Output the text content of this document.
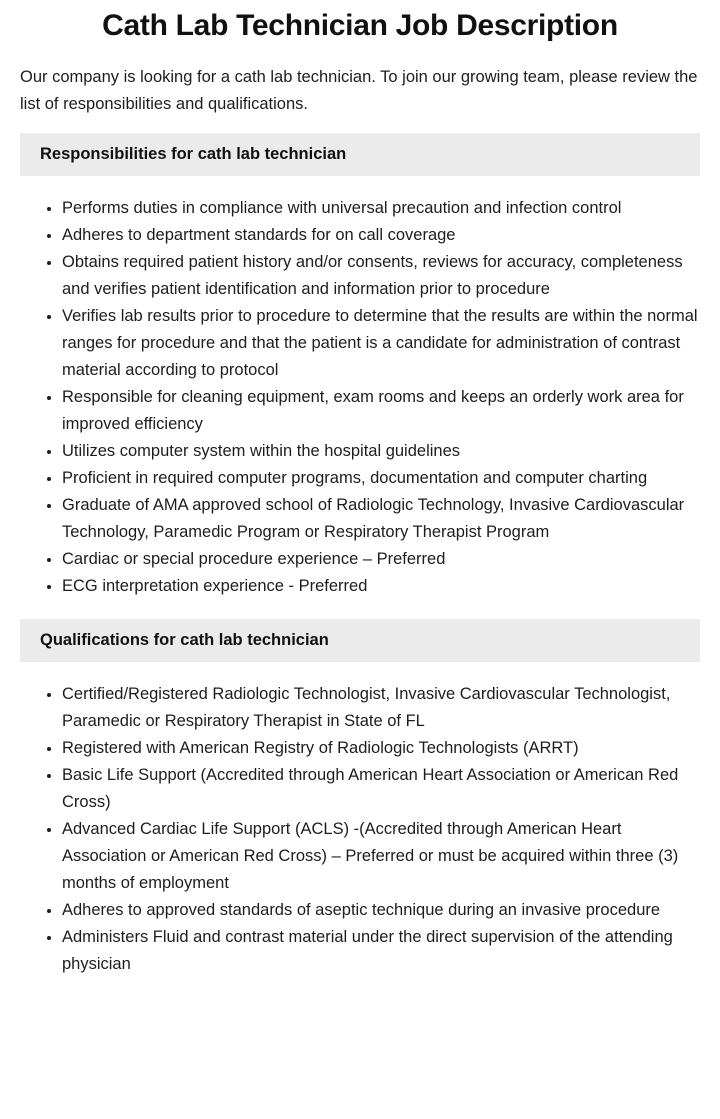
Cath Lab Technician Job Description

Our company is looking for a cath lab technician. To join our growing team, please review the list of responsibilities and qualifications.

Responsibilities for cath lab technician
• Performs duties in compliance with universal precaution and infection control
• Adheres to department standards for on call coverage
• Obtains required patient history and/or consents, reviews for accuracy, completeness and verifies patient identification and information prior to procedure
• Verifies lab results prior to procedure to determine that the results are within the normal ranges for procedure and that the patient is a candidate for administration of contrast material according to protocol
• Responsible for cleaning equipment, exam rooms and keeps an orderly work area for improved efficiency
• Utilizes computer system within the hospital guidelines
• Proficient in required computer programs, documentation and computer charting
• Graduate of AMA approved school of Radiologic Technology, Invasive Cardiovascular Technology, Paramedic Program or Respiratory Therapist Program
• Cardiac or special procedure experience – Preferred
• ECG interpretation experience - Preferred
Qualifications for cath lab technician
• Certified/Registered Radiologic Technologist, Invasive Cardiovascular Technologist, Paramedic or Respiratory Therapist in State of FL
• Registered with American Registry of Radiologic Technologists (ARRT)
• Basic Life Support (Accredited through American Heart Association or American Red Cross)
• Advanced Cardiac Life Support (ACLS) -(Accredited through American Heart Association or American Red Cross) – Preferred or must be acquired within three (3) months of employment
• Adheres to approved standards of aseptic technique during an invasive procedure
• Administers Fluid and contrast material under the direct supervision of the attending physician
